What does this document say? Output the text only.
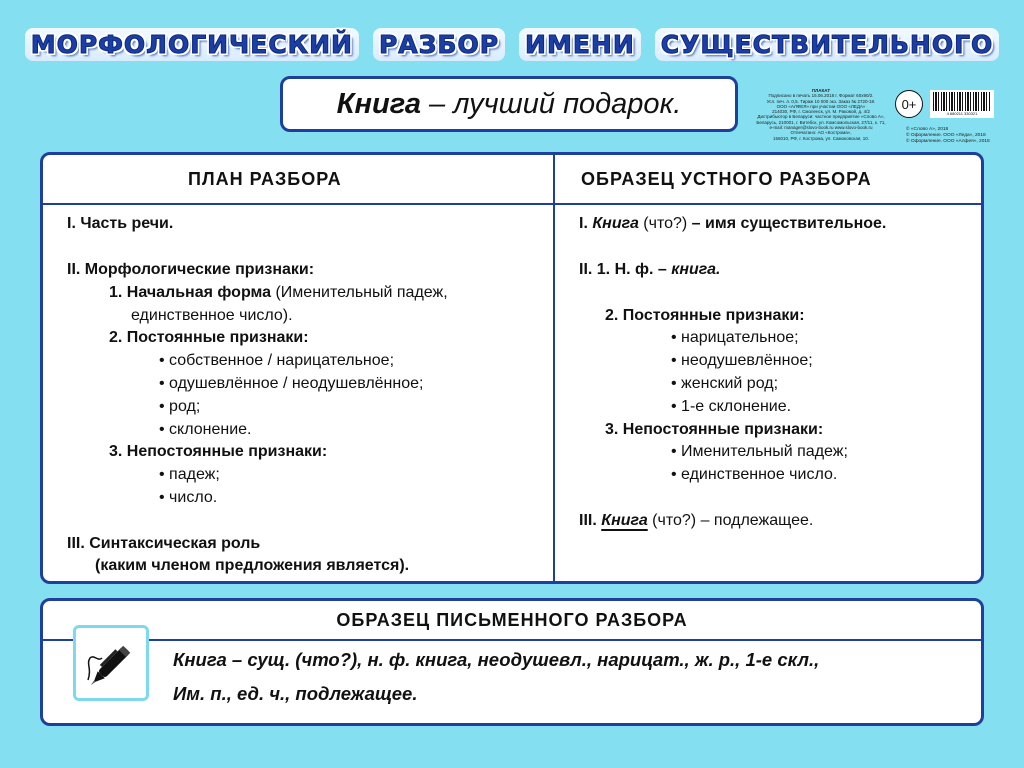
МОРФОЛОГИЧЕСКИЙ РАЗБОР ИМЕНИ СУЩЕСТВИТЕЛЬНОГО
Книга – лучший подарок.	ПЛАКАТ
Подписано в печать 15.06.2018 г. Формат 60х90/2.
Усл. печ. л. 0,5. Тираж 10 000 экз. Заказ № 2720-18.
ООО «АЛФЕЯ» при участии ООО «ЛЕДА»
214030, РФ, г. Смоленск, ул. М. Раковой, д. 4/2
Дистрибьютор в Беларуси: частное предприятие «Слово А»,
Беларусь, 210001, г. Витебск, ул. Комсомольская, 27/11, к. 71,
e-mail: manager@slovo-book.ru www.slovo-book.ru
Отпечатано: АО «Кострома»,
156010, РФ, г. Кострома, ул. Самоковская, 10.
0+
4 680211 330321
© «Слово А», 2018
© Оформление. ООО «Леда», 2018
© Оформление. ООО «Алфея», 2018
ПЛАН РАЗБОРА	ОБРАЗЕЦ УСТНОГО РАЗБОРА
I. Часть речи.
II. Морфологические признаки:
1. Начальная форма (Именительный падеж,
единственное число).
2. Постоянные признаки:
• собственное / нарицательное;
• одушевлённое / неодушевлённое;
• род;
• склонение.
3. Непостоянные признаки:
• падеж;
• число.
III. Синтаксическая роль
(каким членом предложения является).
I. Книга (что?) – имя существительное.
II. 1. Н. ф. – книга.
2. Постоянные признаки:
• нарицательное;
• неодушевлённое;
• женский род;
• 1-е склонение.
3. Непостоянные признаки:
• Именительный падеж;
• единственное число.
III. Книга (что?) – подлежащее.
ОБРАЗЕЦ ПИСЬМЕННОГО РАЗБОРА
Книга – сущ. (что?), н. ф. книга, неодушевл., нарицат., ж. р., 1-е скл.,
Им. п., ед. ч., подлежащее.
